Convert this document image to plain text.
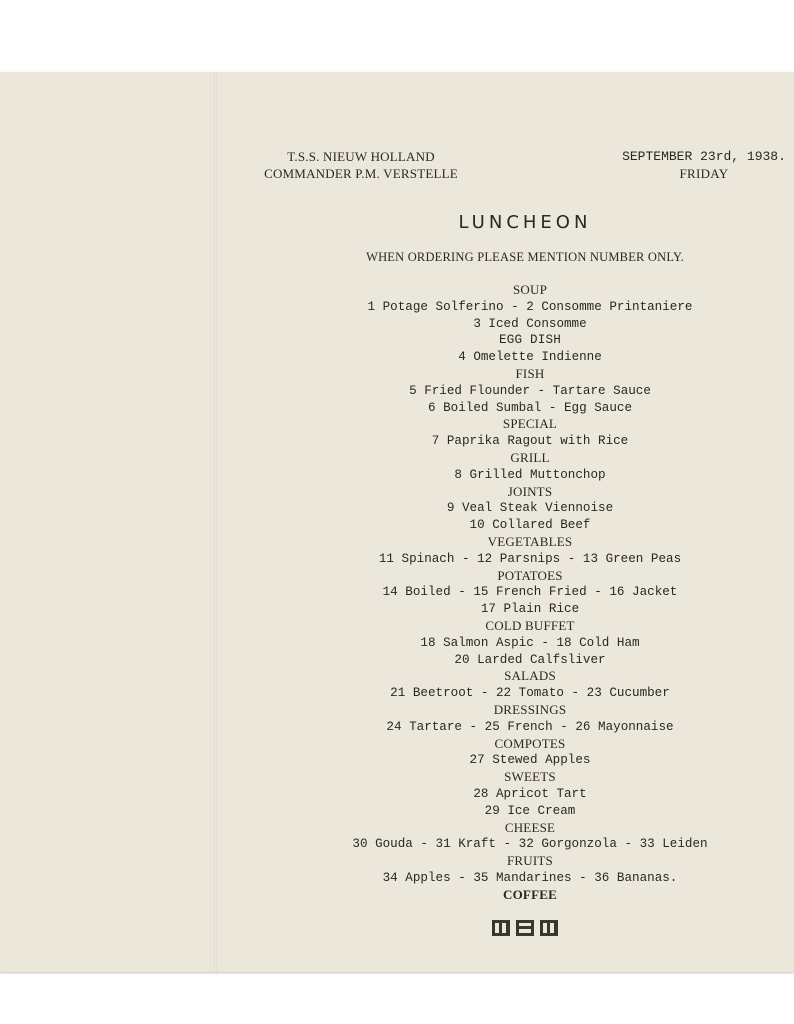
T.S.S. NIEUW HOLLAND
COMMANDER P.M. VERSTELLE
SEPTEMBER 23rd, 1938.
FRIDAY
LUNCHEON
WHEN ORDERING PLEASE MENTION NUMBER ONLY.
SOUP
1 Potage Solferino - 2 Consomme Printaniere
3 Iced Consomme
EGG DISH
4 Omelette Indienne
FISH
5 Fried Flounder - Tartare Sauce
6 Boiled Sumbal - Egg Sauce
SPECIAL
7 Paprika Ragout with Rice
GRILL
8 Grilled Muttonchop
JOINTS
9 Veal Steak Viennoise
10 Collared Beef
VEGETABLES
11 Spinach - 12 Parsnips - 13 Green Peas
POTATOES
14 Boiled - 15 French Fried - 16 Jacket
17 Plain Rice
COLD BUFFET
18 Salmon Aspic - 18 Cold Ham
20 Larded Calfsliver
SALADS
21 Beetroot - 22 Tomato - 23 Cucumber
DRESSINGS
24 Tartare - 25 French - 26 Mayonnaise
COMPOTES
27 Stewed Apples
SWEETS
28 Apricot Tart
29 Ice Cream
CHEESE
30 Gouda - 31 Kraft - 32 Gorgonzola - 33 Leiden
FRUITS
34 Apples - 35 Mandarines - 36 Bananas.
COFFEE
